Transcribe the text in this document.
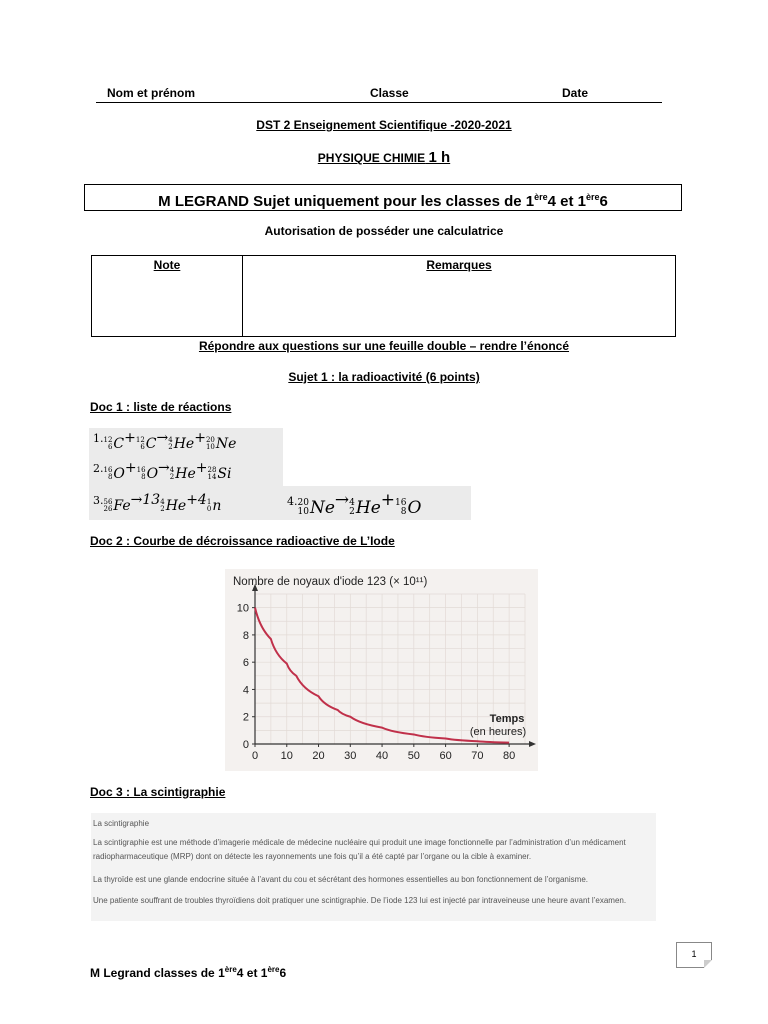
Nom et prénom	Classe	Date
DST 2 Enseignement Scientifique -2020-2021
PHYSIQUE CHIMIE 1 h
M LEGRAND Sujet uniquement pour les classes de 1ère4 et 1ère6
Autorisation de posséder une calculatrice
Note	Remarques
Répondre aux questions sur une feuille double – rendre l’énoncé
Sujet 1 : la radioactivité (6 points)
Doc 1 : liste de réactions
1. 12
6 C + 12
6 C → 4
2 He + 20
10 Ne
2. 16
8 O + 16
8 O → 4
2 He + 28
14 Si
3. 56
26 Fe →13 4
2 He +4 1
0 n	4. 20
10 Ne → 4
2 He + 16
8 O
Doc 2 : Courbe de décroissance radioactive de L’Iode
0 10 20 30 40 50 60 70 80
0
2
4
6
8
10
Nombre de noyaux d'iode 123 (× 10¹¹)
Temps
(en heures)
Doc 3 : La scintigraphie

La scintigraphie

La scintigraphie est une méthode d’imagerie médicale de médecine nucléaire qui produit une image fonctionnelle par l’administration d’un médicament radiopharmaceutique (MRP) dont on détecte les rayonnements une fois qu’il a été capté par l’organe ou la cible à examiner.

La thyroïde est une glande endocrine située à l’avant du cou et sécrétant des hormones essentielles au bon fonctionnement de l’organisme.

Une patiente souffrant de troubles thyroïdiens doit pratiquer une scintigraphie. De l’iode 123 lui est injecté par intraveineuse une heure avant l’examen.

1
M Legrand classes de 1ère4 et 1ère6
